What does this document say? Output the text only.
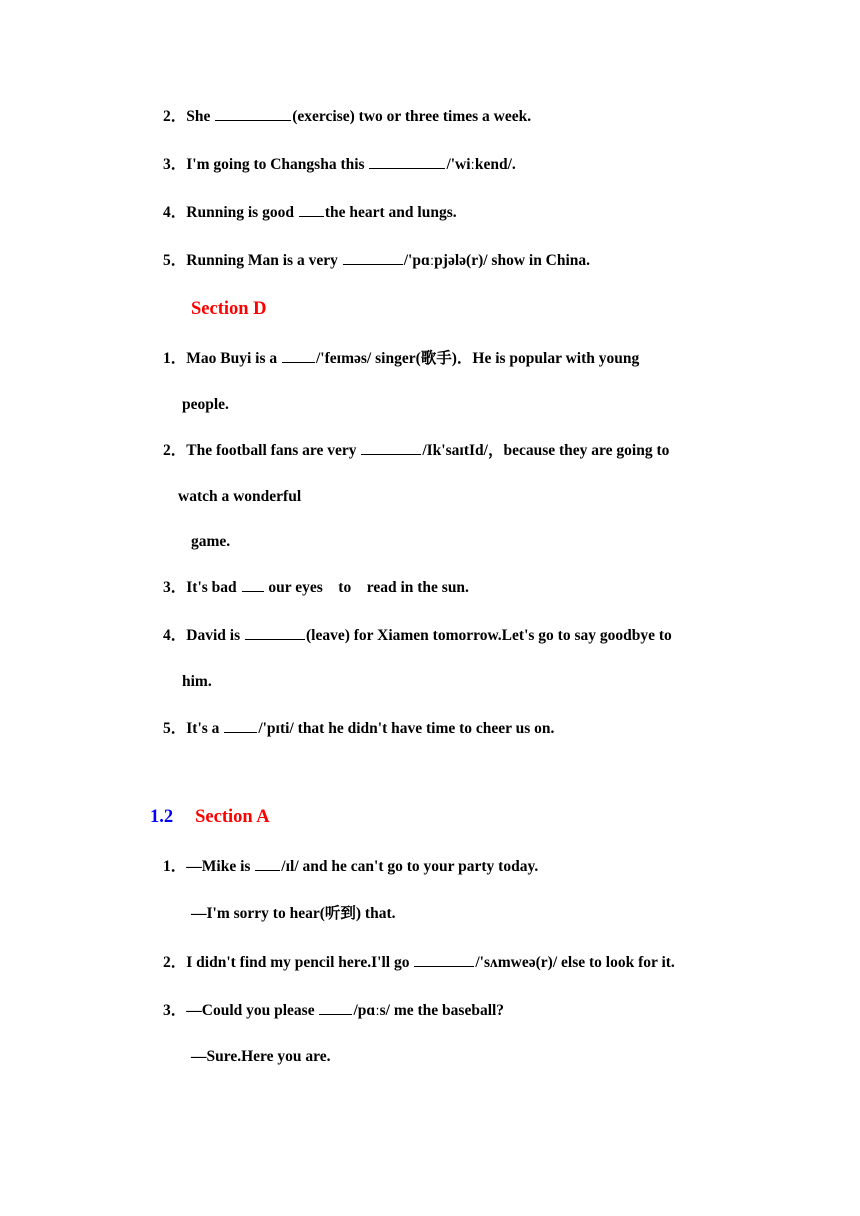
2．She	(exercise) two or three times a week.
3．I'm going to Changsha this	/'wiːkend/.
4．Running is good the heart and lungs.
5．Running Man is a very	/'pɑːpjələ(r)/ show in China.
Section D
1．Mao Buyi is a /'feɪməs/ singer(歌手)．He is popular with young
people.
2．The football fans are very	/Ik'saɪtId/，because they are going to
watch a wonderful
game.
3．It's bad  our eyes    to    read in the sun.
4．David is	(leave) for Xiamen tomorrow.Let's go to say goodbye to
him.
5．It's a /'pɪti/ that he didn't have time to cheer us on.
1.2 Section A
1．—Mike is /ɪl/ and he can't go to your party today.
—I'm sorry to hear(听到) that.
2．I didn't find my pencil here.I'll go	/'sʌmweə(r)/ else to look for it.
3．—Could you please /pɑːs/ me the baseball?
—Sure.Here you are.
